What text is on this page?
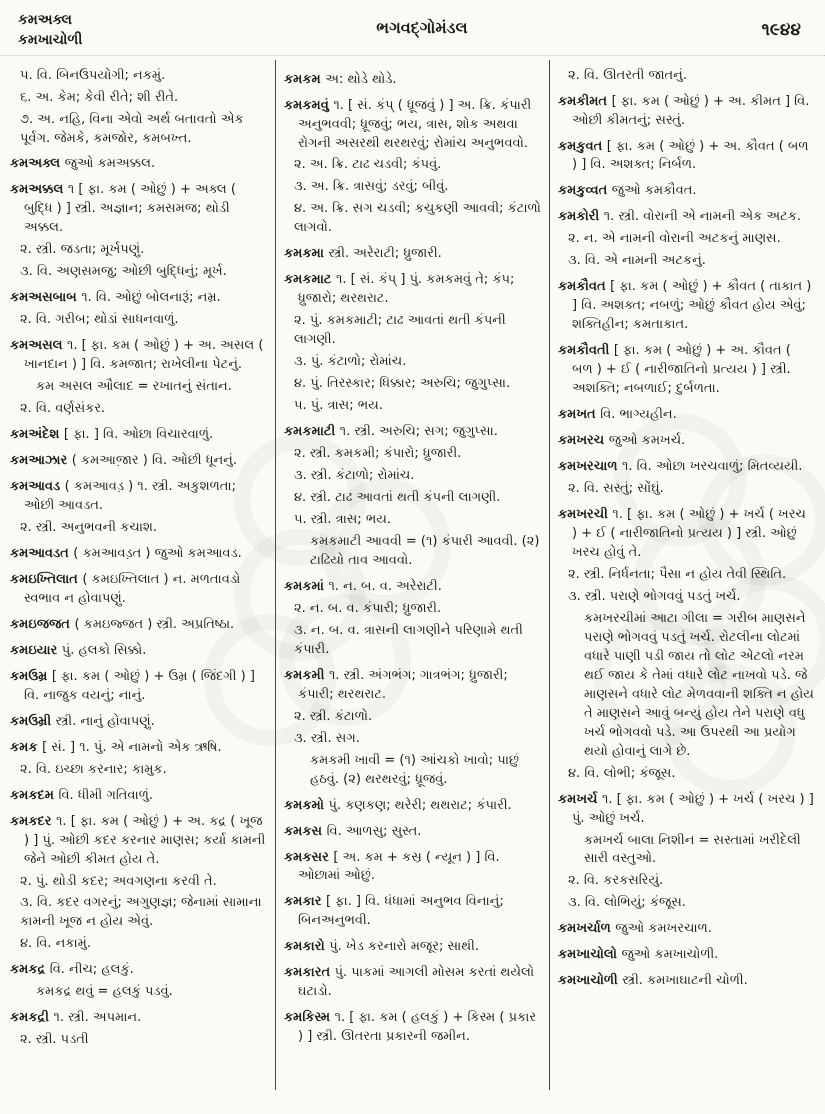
કમઅક્લ
કમખાચોળી
ભગવદ્ગોમંડલ	૧૯૪૪
૫. વિ. બિનઉપયોગી; નકમું.
૬. અ. કેમ; કેવી રીતે; શી રીતે.
૭. અ. નહિ, વિના એવો અર્થ બતાવતો એક પૂર્વગ. જેમકે, કમજોર, કમબખ્ત.
કમઅક્લ જુઓ કમઅક્કલ.
કમઅક્કલ ૧ [ ફા. કમ ( ઓછું ) + અક્લ ( બુદ્ધિ ) ] સ્ત્રી. અજ્ઞાન; કમસમજ; થોડી અક્કલ.
૨. સ્ત્રી. જડતા; મૂર્ખપણું.
૩. વિ. અણસમજુ; ઓછી બુદ્ધિનું; મૂર્ખ.
કમઅસબાબ ૧. વિ. ઓછું બોલનારૂં; નમ્ર.
૨. વિ. ગરીબ; થોડાં સાધનવાળું.
કમઅસલ ૧. [ ફા. કમ ( ઓછું ) + અ. અસલ ( ખાનદાન ) ] વિ. કમજાત; રાખેલીના પેટનું.
કમ અસલ ઔલાદ = રખાતનું સંતાન.
૨. વિ. વર્ણસંકર.
કમઅંદેશ [ ફા. ] વિ. ઓછા વિચારવાળું.
કમઆઝાર ( કમઆજ઼ાર ) વિ. ઓછી ધૂનનું.
કમઆવડ ( કમઆવડ઼ ) ૧. સ્ત્રી. અકુશળતા; ઓછી આવડત.
૨. સ્ત્રી. અનુભવની કચાશ.
કમઆવડત ( કમઆવડ઼ત ) જુઓ કમઆવડ.
કમઇખ્તિલાત ( કમઇખ્તિલાત ) ન. મળતાવડો સ્વભાવ ન હોવાપણું.
કમઇજજત ( કમઇજ્જત ) સ્ત્રી. અપ્રતિષ્ઠા.
કમઇયાર પું. હલકો સિક્કો.
કમઉમ્ર [ ફા. કમ ( ઓછું ) + ઉમ્ર ( જિંદગી ) ] વિ. નાજુક વયનું; નાનું.
કમઉમ્રી સ્ત્રી. નાનું હોવાપણું.
કમક [ સં. ] ૧. પું. એ નામનો એક ઋષિ.
૨. વિ. ઇચ્છા કરનાર; કામુક.
કમકદમ વિ. ધીમી ગતિવાળું.
કમકદર ૧. [ ફા. કમ ( ઓછું ) + અ. કદ્ર ( ખૂજ ) ] પું. ઓછી કદર કરનાર માણસ; કર્યા કામની જેને ઓછી કીમત હોય તે.
૨. પું. થોડી કદર; અવગણના કરવી તે.
૩. વિ. કદર વગરનું; અગુણજ્ઞ; જેનામાં સામાના કામની ખૂજ ન હોય એવું.
૪. વિ. નકામું.
કમકદ્ર વિ. નીચ; હલકું.
કમકદ્ર થવું = હલકું પડવું.
કમકદ્રી ૧. સ્ત્રી. અપમાન.
૨. સ્ત્રી. પડતી
કમકમ અ: થોડે થોડે.
કમકમવું ૧. [ સં. કંપ્ ( ધ્રૂજવું ) ] અ. ક્રિ. કંપારી અનુભવવી; ધ્રૂજવું; ભય, ત્રાસ, શોક અથવા રોગની અસરથી થરથરવું; રોમાંચ અનુભવવો.
૨. અ. ક્રિ. ટાઢ ચડવી; કંપવું.
૩. અ. ક્રિ. ત્રાસવું; ડરવું; બીવું.
૪. અ. ક્રિ. સગ ચડવી; કચુકણી આવવી; કંટાળો લાગવો.
કમકમા સ્ત્રી. અરેરાટી; ધ્રુજારી.
કમકમાટ ૧. [ સં. કંપ્ ] પું. કમકમવું તે; કંપ; ધ્રુજારો; થરથરાટ.
૨. પું. કમકમાટી; ટાઢ આવતાં થતી કંપની લાગણી.
૩. પું. કંટાળો; રોમાંચ.
૪. પું. તિરસ્કાર; ધિક્કાર; અરુચિ; જુગુપ્સા.
૫. પું. ત્રાસ; ભય.
કમકમાટી ૧. સ્ત્રી. અરુચિ; સગ; જુગુપ્સા.
૨. સ્ત્રી. કમકમી; કંપારો; ધ્રુજારી.
૩. સ્ત્રી. કંટાળો; રોમાંચ.
૪. સ્ત્રી. ટાઢ આવતાં થતી કંપની લાગણી.
૫. સ્ત્રી. ત્રાસ; ભય.
કમકમાટી આવવી = (૧) કંપારી આવવી. (૨) ટાઢિયો તાવ આવવો.
કમકમાં ૧. ન. બ. વ. અરેરાટી.
૨. ન. બ. વ. કંપારી; ધ્રુજારી.
૩. ન. બ. વ. ત્રાસની લાગણીને પરિણામે થતી કંપારી.
કમકમી ૧. સ્ત્રી. અંગભંગ; ગાત્રભંગ; ધ્રુજારી; કંપારી; થરથરાટ.
૨. સ્ત્રી. કંટાળો.
૩. સ્ત્રી. સગ.
કમકમી ખાવી = (૧) આંચકો ખાવો; પાછું હઠવું. (૨) થરથરવું; ધ્રૂજવું.
કમકમો પું. કણકણ; થરેરી; થથરાટ; કંપારી.
કમકસ વિ. આળસુ; સુસ્ત.
કમકસર [ અ. કમ + કસ્ર ( ન્યૂન ) ] વિ. ઓછામાં ઓછું.
કમકાર [ ફા. ] વિ. ધંધામાં અનુભવ વિનાનું; બિનઅનુભવી.
કમકારો પું. ખેડ કરનારો મજૂર; સાથી.
કમકારત પું. પાકમાં આગલી મોસમ કરતાં થયેલો ઘટાડો.
કમકિસ્મ ૧. [ ફા. કમ ( હલકું ) + કિસ્મ ( પ્રકાર ) ] સ્ત્રી. ઊતરતા પ્રકારની જમીન.
૨. વિ. ઊતરતી જાતનું.
કમકીમત [ ફા. કમ ( ઓછું ) + અ. કીમત ] વિ. ઓછી કીમતનું; સસ્તું.
કમકુવત [ ફા. કમ ( ઓછું ) + અ. કૌવત ( બળ ) ] વિ. અશક્ત; નિર્બળ.
કમકુવ્વત જુઓ કમકૌવત.
કમકોરી ૧. સ્ત્રી. વોરાની એ નામની એક અટક.
૨. ન. એ નામની વોરાની અટકનું માણસ.
૩. વિ. એ નામની અટકનું.
કમકૌવત [ ફા. કમ ( ઓછું ) + કૌવત ( તાકાત ) ] વિ. અશક્ત; નબળું; ઓછું કૌવત હોય એવું; શક્તિહીન; કમતાકાત.
કમકૌવતી [ ફા. કમ ( ઓછું ) + અ. કૌવત ( બળ ) + ઈ ( નારીજાતિનો પ્રત્યય ) ] સ્ત્રી. અશક્તિ; નબળાઈ; દુર્બળતા.
કમખત વિ. ભાગ્યહીન.
કમખરચ જુઓ કમખર્ચ.
કમખરચાળ ૧. વિ. ઓછા ખરચવાળું; મિતવ્યયી.
૨. વિ. સસ્તું; સોંઘું.
કમખરચી ૧. [ ફા. કમ ( ઓછું ) + ખર્ચ ( ખરચ ) + ઈ ( નારીજાતિનો પ્રત્યય ) ] સ્ત્રી. ઓછું ખરચ હોવું તે.
૨. સ્ત્રી. નિર્ધનતા; પૈસા ન હોય તેવી સ્થિતિ.
૩. સ્ત્રી. પરાણે ભોગવવું પડતું ખર્ચ.
કમખરચીમાં આટા ગીલા = ગરીબ માણસને પરાણે ભોગવવું પડતું ખર્ચ. રોટલીના લોટમાં વધારે પાણી પડી જાય તો લોટ એટલો નરમ થઈ જાય કે તેમાં વધારે લોટ નાખવો પડે. જે માણસને વધારે લોટ મેળવવાની શક્તિ ન હોય તે માણસને આવું બન્યું હોય તેને પરાણે વધુ ખર્ચ ભોગવવો પડે. આ ઉપરથી આ પ્રયોગ થયો હોવાનું લાગે છે.
૪. વિ. લોભી; કંજૂસ.
કમખર્ચ ૧. [ ફા. કમ ( ઓછું ) + ખર્ચ ( ખરચ ) ] પું. ઓછું ખર્ચ.
કમખર્ચ બાલા નિશીન = સસ્તામાં ખરીદેલી સારી વસ્તુઓ.
૨. વિ. કરકસરિયું.
૩. વિ. લોભિયું; કંજૂસ.
કમખર્ચાળ જુઓ કમખરચાળ.
કમખાચોલો જુઓ કમખાચોળી.
કમખાચોળી સ્ત્રી. કમખાઘાટની ચોળી.
